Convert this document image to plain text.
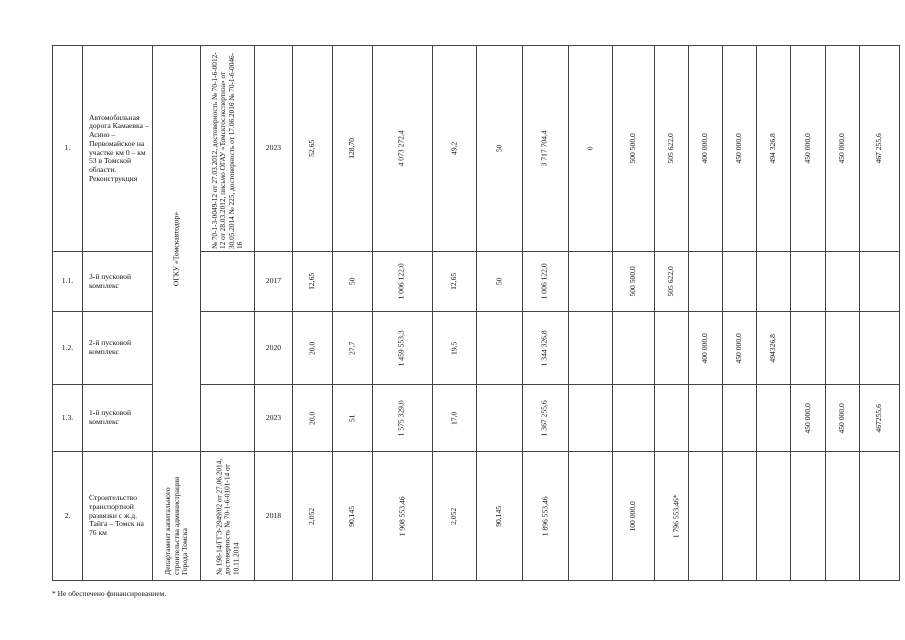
1.	Автомобильная дорога Камаевка – Асино – Первомайское на участке км 0 – км 53 в Томской области. Реконструкция	ОГКУ «Томскавтодор»	№ 70-1-3-0049-12 от 27.03.2012, достоверность № 70-1-6-0012-12 от 28.03.2012, письмо ОГАУ «Томскгосэкспертиза» от 30.05.2014 № 225, достоверность от 17.06.2016 № 70-1-6-0046-16	2023	52,65	128,70	4 073 272,4	49,2	50	3 717 704,4	0	500 500,0	505 622,0	400 000,0	450 000,0	494 326,8	450 000,0	450 000,0	467 255,6
1.1.	3-й пусковой комплекс			2017	12,65	50	1 006 122,0	12,65	50	1 006 122,0		500 500,0	505 622,0						
1.2.	2-й пусковой комплекс			2020	20,0	27,7	1 459 553,3	19,5		1 344 326,8				400 000,0	450 000,0	494326,8			
1.3.	1-й пусковой комплекс			2023	20,0	51	1 575 329,0	17,0		1 367 255,6							450 000,0	450 000,0	467255,6
2.	Строительство транспортной развязки с ж.д. Тайга – Томск на 76 км	Департамент капитального строительства администрации Города Томска	№ 198-14/ГГЭ-2949/02 от 27.06.2014, достоверность № 70-1-6-0101-14 от 10.11.2014	2018	2,052	90,145	1 908 553,46	2,052	90,145	1 896 553,46		100 000,0	1 796 553,46*						
* Не обеспечено финансированием.
